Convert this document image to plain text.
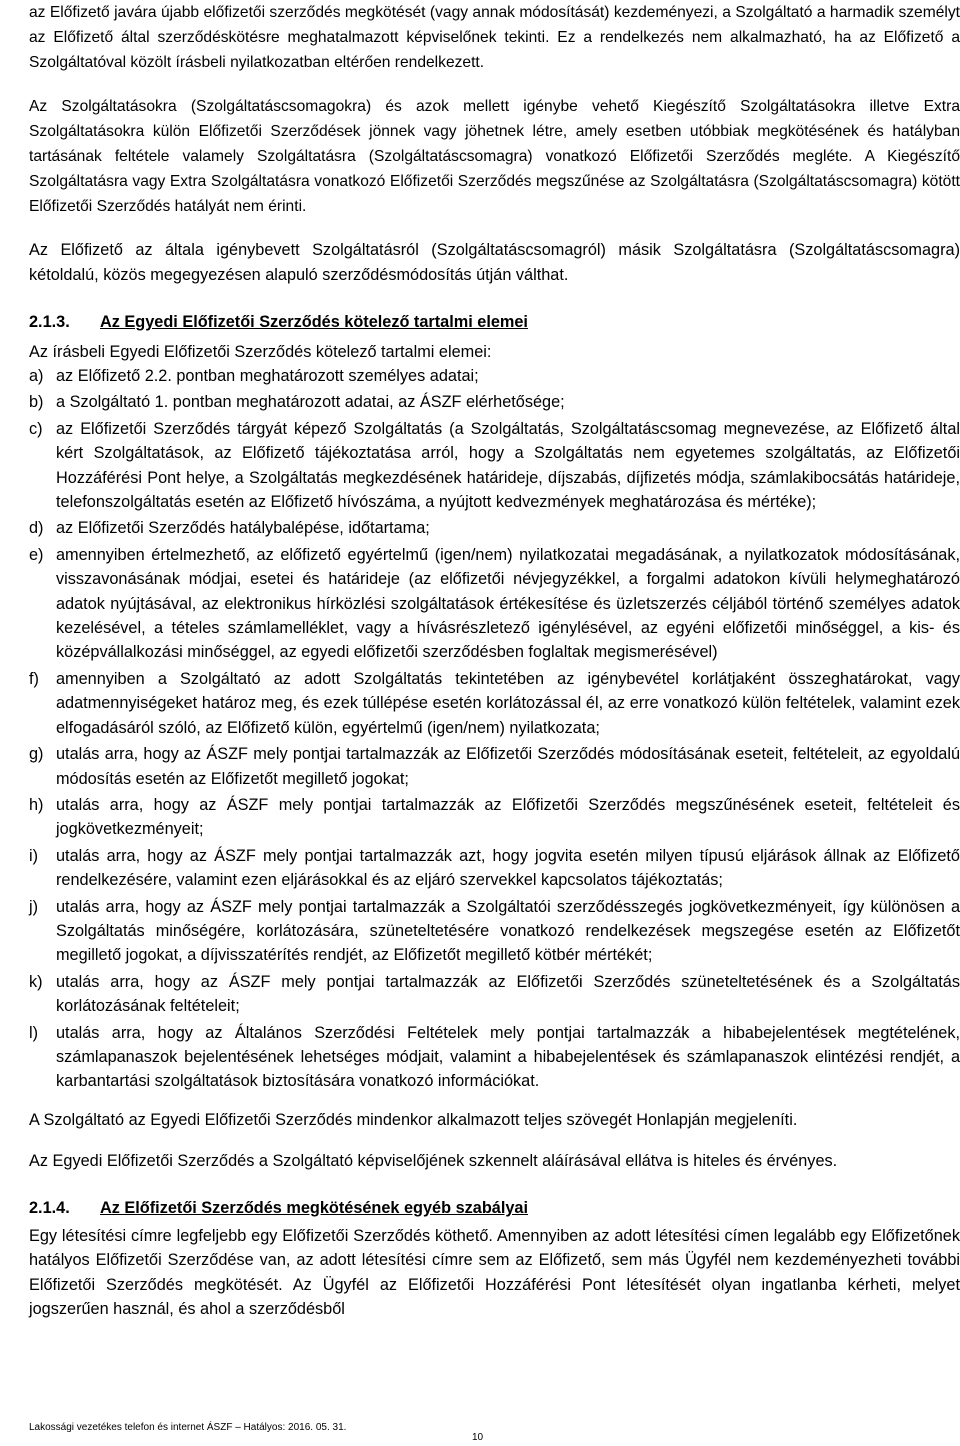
az Előfizető javára újabb előfizetői szerződés megkötését (vagy annak módosítását) kezdeményezi, a Szolgáltató a harmadik személyt az Előfizető által szerződéskötésre meghatalmazott képviselőnek tekinti. Ez a rendelkezés nem alkalmazható, ha az Előfizető a Szolgáltatóval közölt írásbeli nyilatkozatban eltérően rendelkezett.

Az Szolgáltatásokra (Szolgáltatáscsomagokra) és azok mellett igénybe vehető Kiegészítő Szolgáltatásokra illetve Extra Szolgáltatásokra külön Előfizetői Szerződések jönnek vagy jöhetnek létre, amely esetben utóbbiak megkötésének és hatályban tartásának feltétele valamely Szolgáltatásra (Szolgáltatáscsomagra) vonatkozó Előfizetői Szerződés megléte. A Kiegészítő Szolgáltatásra vagy Extra Szolgáltatásra vonatkozó Előfizetői Szerződés megszűnése az Szolgáltatásra (Szolgáltatáscsomagra) kötött Előfizetői Szerződés hatályát nem érinti.

Az Előfizető az általa igénybevett Szolgáltatásról (Szolgáltatáscsomagról) másik Szolgáltatásra (Szolgáltatáscsomagra) kétoldalú, közös megegyezésen alapuló szerződésmódosítás útján válthat.

2.1.3.	Az Egyedi Előfizetői Szerződés kötelező tartalmi elemei

Az írásbeli Egyedi Előfizetői Szerződés kötelező tartalmi elemei:

a) az Előfizető 2.2. pontban meghatározott személyes adatai;
b) a Szolgáltató 1. pontban meghatározott adatai, az ÁSZF elérhetősége;
c) az Előfizetői Szerződés tárgyát képező Szolgáltatás (a Szolgáltatás, Szolgáltatáscsomag megnevezése, az Előfizető által kért Szolgáltatások, az Előfizető tájékoztatása arról, hogy a Szolgáltatás nem egyetemes szolgáltatás, az Előfizetői Hozzáférési Pont helye, a Szolgáltatás megkezdésének határideje, díjszabás, díjfizetés módja, számlakibocsátás határideje, telefonszolgáltatás esetén az Előfizető hívószáma, a nyújtott kedvezmények meghatározása és mértéke);
d) az Előfizetői Szerződés hatálybalépése, időtartama;
e) amennyiben értelmezhető, az előfizető egyértelmű (igen/nem) nyilatkozatai megadásának, a nyilatkozatok módosításának, visszavonásának módjai, esetei és határideje (az előfizetői névjegyzékkel, a forgalmi adatokon kívüli helymeghatározó adatok nyújtásával, az elektronikus hírközlési szolgáltatások értékesítése és üzletszerzés céljából történő személyes adatok kezelésével, a tételes számlamelléklet, vagy a hívásrészletező igénylésével, az egyéni előfizetői minőséggel, a kis- és középvállalkozási minőséggel, az egyedi előfizetői szerződésben foglaltak megismerésével)
f)	amennyiben a Szolgáltató az adott Szolgáltatás tekintetében az igénybevétel korlátjaként összeghatárokat, vagy adatmennyiségeket határoz meg, és ezek túllépése esetén korlátozással él, az erre vonatkozó külön feltételek, valamint ezek elfogadásáról szóló, az Előfizető külön, egyértelmű (igen/nem) nyilatkozata;
g) utalás arra, hogy az ÁSZF mely pontjai tartalmazzák az Előfizetői Szerződés módosításának eseteit, feltételeit, az egyoldalú módosítás esetén az Előfizetőt megillető jogokat;
h) utalás arra, hogy az ÁSZF mely pontjai tartalmazzák az Előfizetői Szerződés megszűnésének eseteit, feltételeit és jogkövetkezményeit;
i)	utalás arra, hogy az ÁSZF mely pontjai tartalmazzák azt, hogy jogvita esetén milyen típusú eljárások állnak az Előfizető rendelkezésére, valamint ezen eljárásokkal és az eljáró szervekkel kapcsolatos tájékoztatás;
j)	utalás arra, hogy az ÁSZF mely pontjai tartalmazzák a Szolgáltatói szerződésszegés jogkövetkezményeit, így különösen a Szolgáltatás minőségére, korlátozására, szüneteltetésére vonatkozó rendelkezések megszegése esetén az Előfizetőt megillető jogokat, a díjvisszatérítés rendjét, az Előfizetőt megillető kötbér mértékét;
k) utalás arra, hogy az ÁSZF mely pontjai tartalmazzák az Előfizetői Szerződés szüneteltetésének és a Szolgáltatás korlátozásának feltételeit;
l)	utalás arra, hogy az Általános Szerződési Feltételek mely pontjai tartalmazzák a hibabejelentések megtételének, számlapanaszok bejelentésének lehetséges módjait, valamint a hibabejelentések és számlapanaszok elintézési rendjét, a karbantartási szolgáltatások biztosítására vonatkozó információkat.

A Szolgáltató az Egyedi Előfizetői Szerződés mindenkor alkalmazott teljes szövegét Honlapján megjeleníti.

Az Egyedi Előfizetői Szerződés a Szolgáltató képviselőjének szkennelt aláírásával ellátva is hiteles és érvényes.

2.1.4.	Az Előfizetői Szerződés megkötésének egyéb szabályai

Egy létesítési címre legfeljebb egy Előfizetői Szerződés köthető. Amennyiben az adott létesítési címen legalább egy Előfizetőnek hatályos Előfizetői Szerződése van, az adott létesítési címre sem az Előfizető, sem más Ügyfél nem kezdeményezheti további Előfizetői Szerződés megkötését. Az Ügyfél az Előfizetői Hozzáférési Pont létesítését olyan ingatlanba kérheti, melyet jogszerűen használ, és ahol a szerződésből

Lakossági vezetékes telefon és internet ÁSZF – Hatályos: 2016. 05. 31.
10
